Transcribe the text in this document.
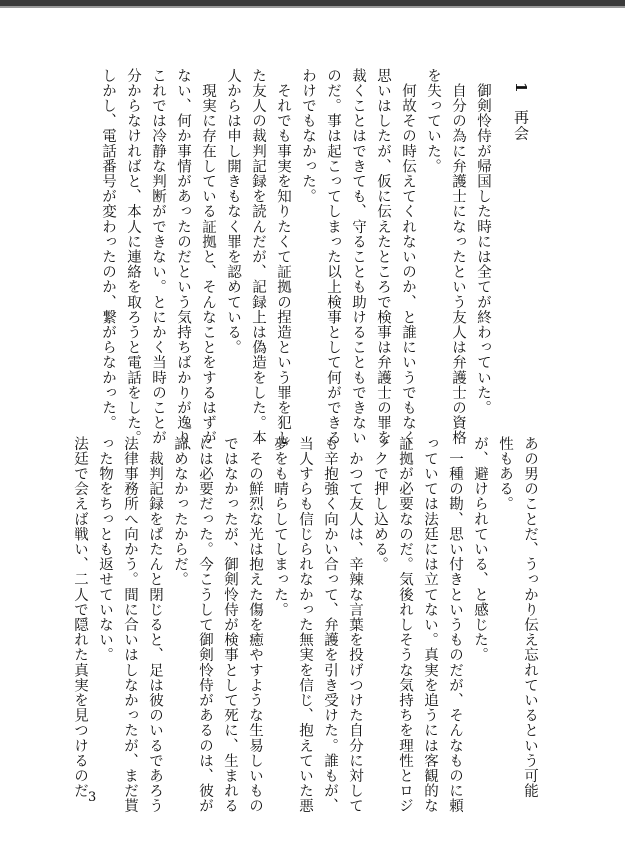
1　再会

　御剣怜侍が帰国した時には全てが終わっていた。

　自分の為に弁護士になったという友人は弁護士の資格

を失っていた。

　何故その時伝えてくれないのか、と誰にいうでもなく

思いはしたが、仮に伝えたところで検事は弁護士の罪を

裁くことはできても、守ることも助けることもできない

のだ。事は起こってしまった以上検事として何ができる

わけでもなかった。

　それでも事実を知りたくて証拠の捏造という罪を犯し

た友人の裁判記録を読んだが、記録上は偽造をした。本

人からは申し開きもなく罪を認めている。

　現実に存在している証拠と、そんなことをするはずが

ない、何か事情があったのだという気持ちばかりが逸り、

これでは冷静な判断ができない。とにかく当時のことが

分からなければと、本人に連絡を取ろうと電話をした。

しかし、電話番号が変わったのか、繋がらなかった。

あの男のことだ、うっかり伝え忘れているという可能

性もある。

が、避けられている、と感じた。

　一種の勘、思い付きというものだが、そんなものに頼

っていては法廷には立てない。真実を追うには客観的な

証拠が必要なのだ。気後れしそうな気持ちを理性とロジ

ックで押し込める。

　かつて友人は、辛辣な言葉を投げつけた自分に対して

も辛抱強く向かい合って、弁護を引き受けた。誰もが、

当人すらも信じられなかった無実を信じ、抱えていた悪

夢をも晴らしてしまった。

　その鮮烈な光は抱えた傷を癒やすような生易しいもの

ではなかったが、御剣怜侍が検事として死に、生まれる

には必要だった。今こうして御剣怜侍があるのは、彼が

諦めなかったからだ。

　裁判記録をぱたんと閉じると、足は彼のいるであろう

法律事務所へ向かう。間に合いはしなかったが、まだ貰

った物をちっとも返せていない。

法廷で会えば戦い、二人で隠れた真実を見つけるのだ 3
